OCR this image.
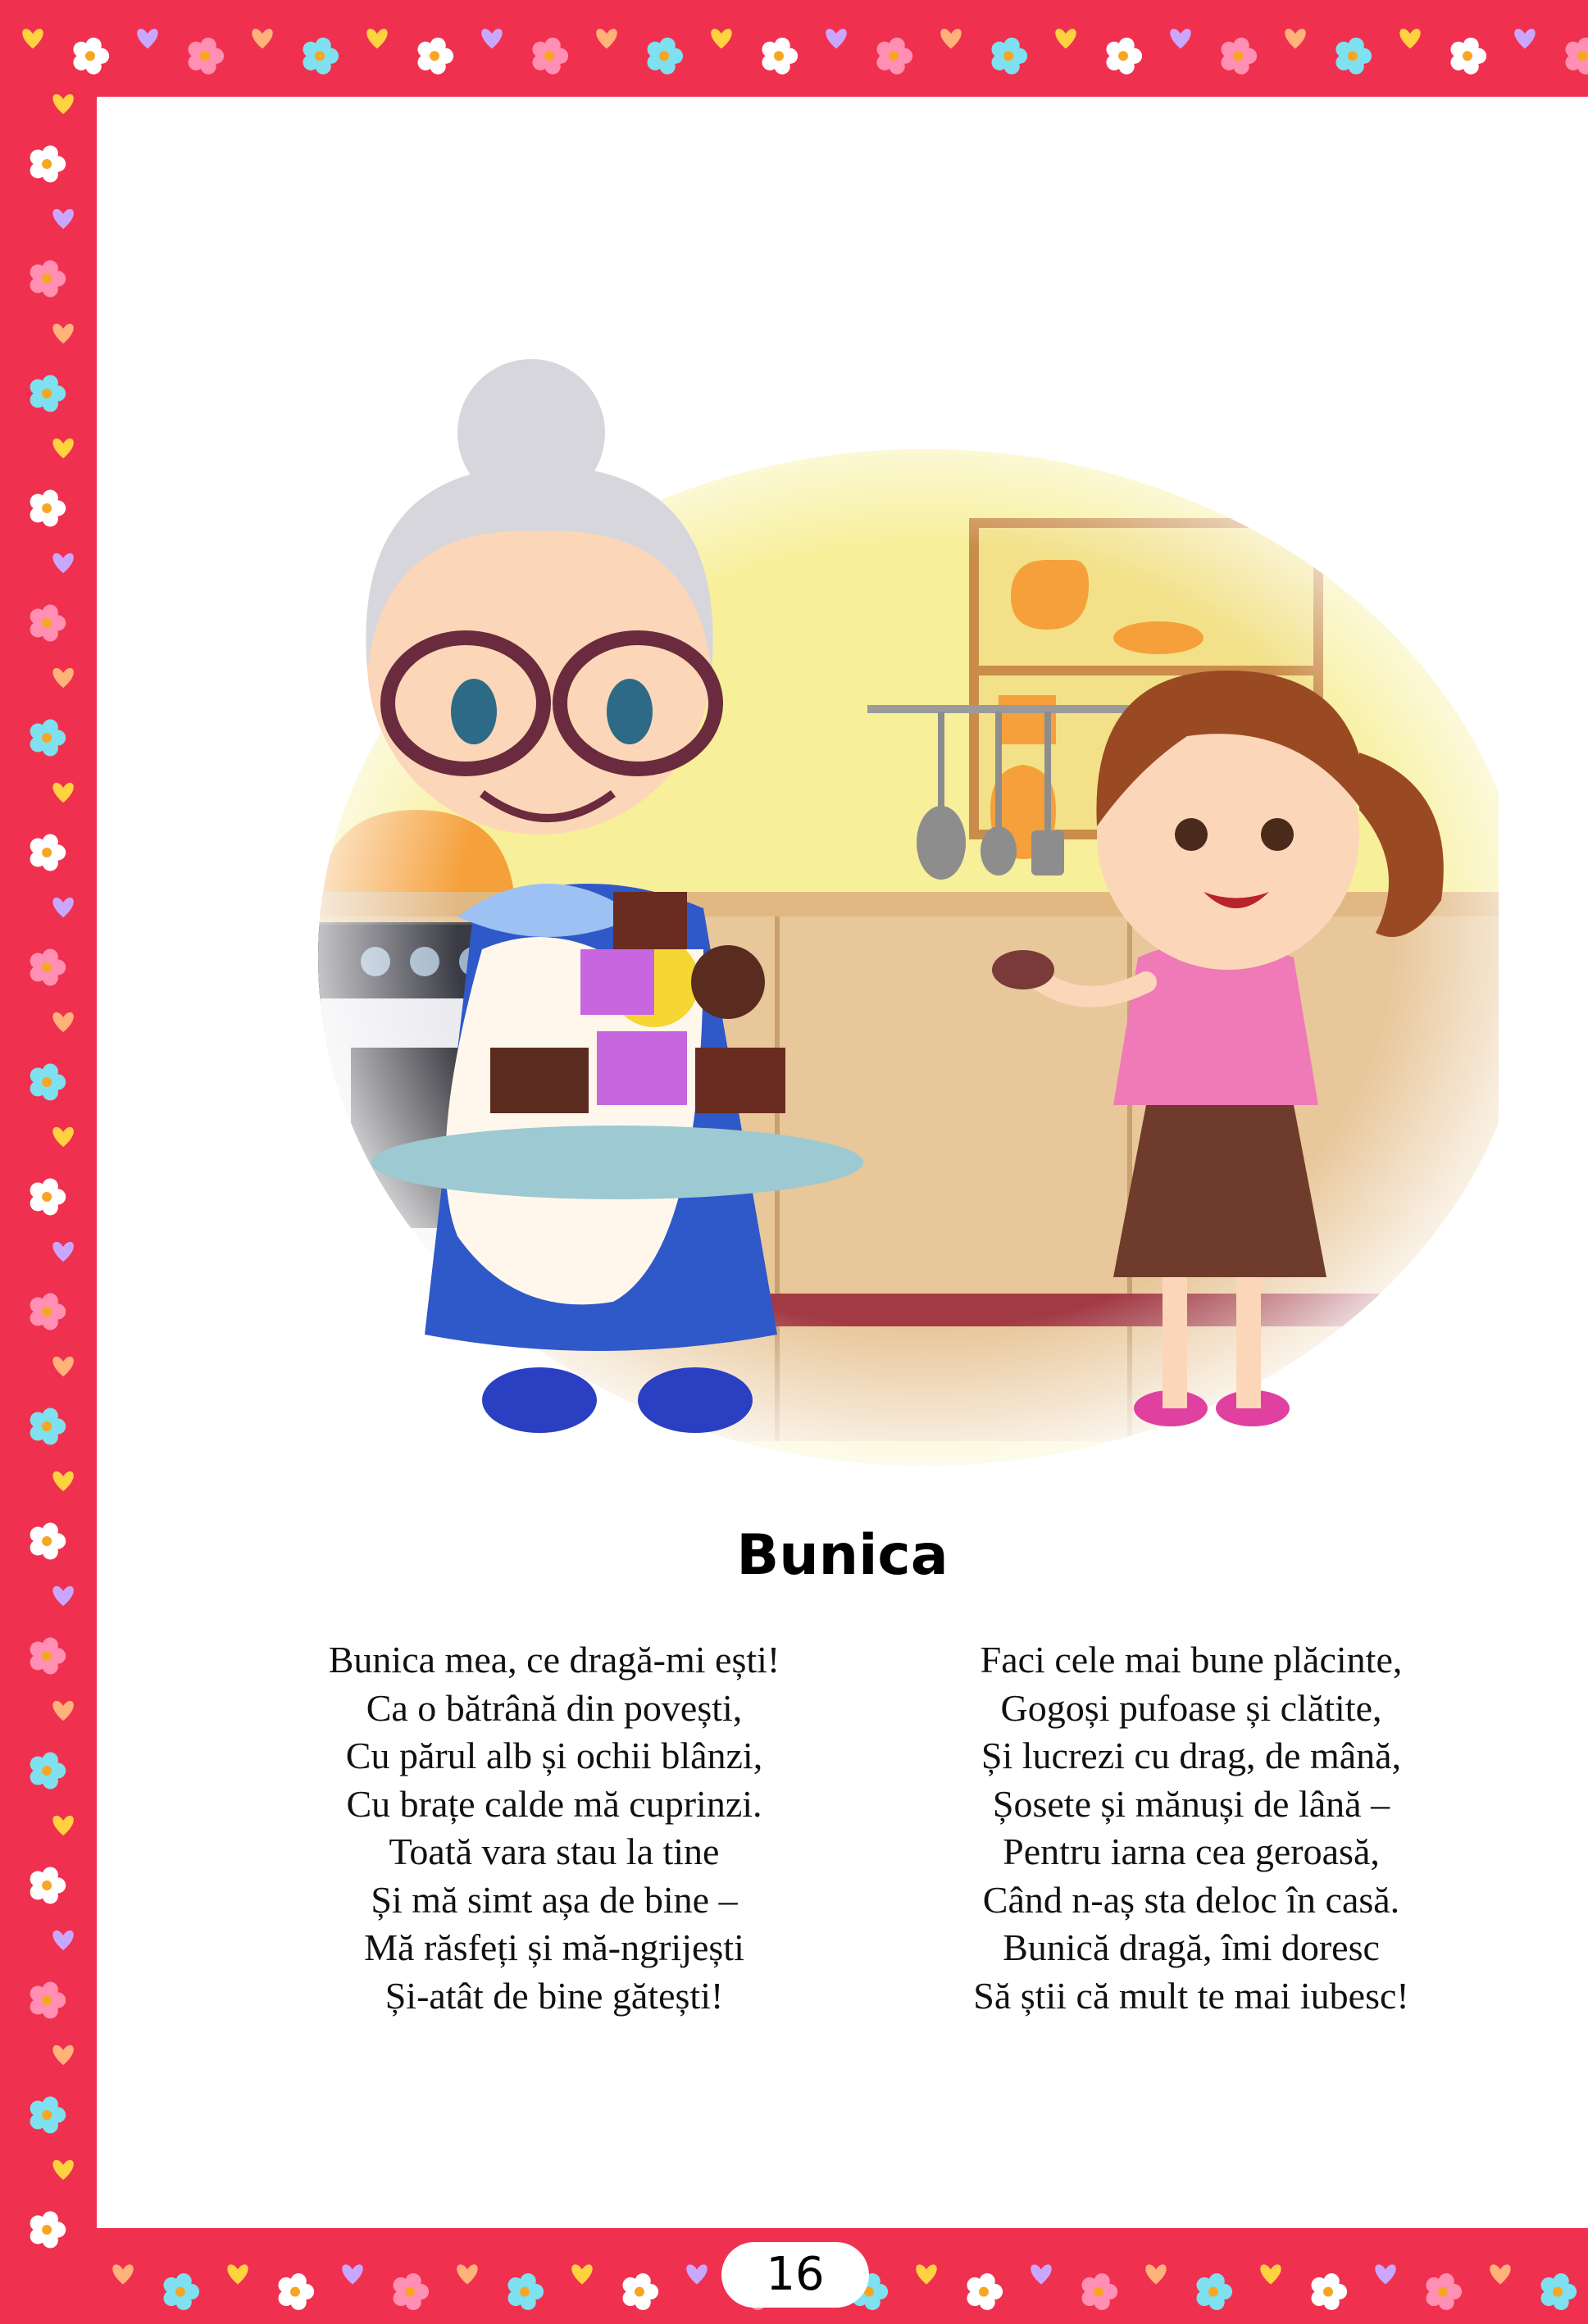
Bunica
Bunica mea, ce dragă-mi ești!
Ca o bătrână din povești,
Cu părul alb și ochii blânzi,
Cu brațe calde mă cuprinzi.
Toată vara stau la tine
Și mă simt așa de bine –
Mă răsfeți și mă-ngrijești
Și-atât de bine gătești!
Faci cele mai bune plăcinte,
Gogoși pufoase și clătite,
Și lucrezi cu drag, de mână,
Șosete și mănuși de lână –
Pentru iarna cea geroasă,
Când n-aș sta deloc în casă.
Bunică dragă, îmi doresc
Să știi că mult te mai iubesc!
16
